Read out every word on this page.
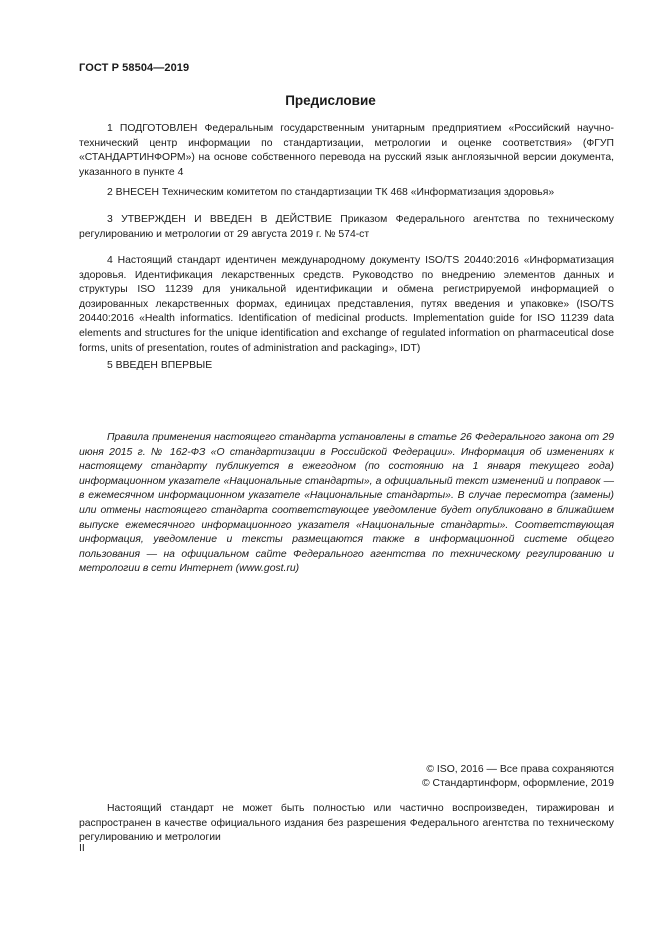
ГОСТ Р 58504—2019
Предисловие

1 ПОДГОТОВЛЕН Федеральным государственным унитарным предприятием «Российский научно-технический центр информации по стандартизации, метрологии и оценке соответствия» (ФГУП «СТАНДАРТИНФОРМ») на основе собственного перевода на русский язык англоязычной версии документа, указанного в пункте 4

2 ВНЕСЕН Техническим комитетом по стандартизации ТК 468 «Информатизация здоровья»

3 УТВЕРЖДЕН И ВВЕДЕН В ДЕЙСТВИЕ Приказом Федерального агентства по техническому регулированию и метрологии от 29 августа 2019 г. № 574-ст

4 Настоящий стандарт идентичен международному документу ISO/TS 20440:2016 «Информатизация здоровья. Идентификация лекарственных средств. Руководство по внедрению элементов данных и структуры ISO 11239 для уникальной идентификации и обмена регистрируемой информацией о дозированных лекарственных формах, единицах представления, путях введения и упаковке» (ISO/TS 20440:2016 «Health informatics. Identification of medicinal products. Implementation guide for ISO 11239 data elements and structures for the unique identification and exchange of regulated information on pharmaceutical dose forms, units of presentation, routes of administration and packaging», IDT)

5 ВВЕДЕН ВПЕРВЫЕ

Правила применения настоящего стандарта установлены в статье 26 Федерального закона от 29 июня 2015 г. № 162-ФЗ «О стандартизации в Российской Федерации». Информация об изменениях к настоящему стандарту публикуется в ежегодном (по состоянию на 1 января текущего года) информационном указателе «Национальные стандарты», а официальный текст изменений и поправок — в ежемесячном информационном указателе «Национальные стандарты». В случае пересмотра (замены) или отмены настоящего стандарта соответствующее уведомление будет опубликовано в ближайшем выпуске ежемесячного информационного указателя «Национальные стандарты». Соответствующая информация, уведомление и тексты размещаются также в информационной системе общего пользования — на официальном сайте Федерального агентства по техническому регулированию и метрологии в сети Интернет (www.gost.ru)

© ISO, 2016 — Все права сохраняются
© Стандартинформ, оформление, 2019

Настоящий стандарт не может быть полностью или частично воспроизведен, тиражирован и распространен в качестве официального издания без разрешения Федерального агентства по техническому регулированию и метрологии

II
